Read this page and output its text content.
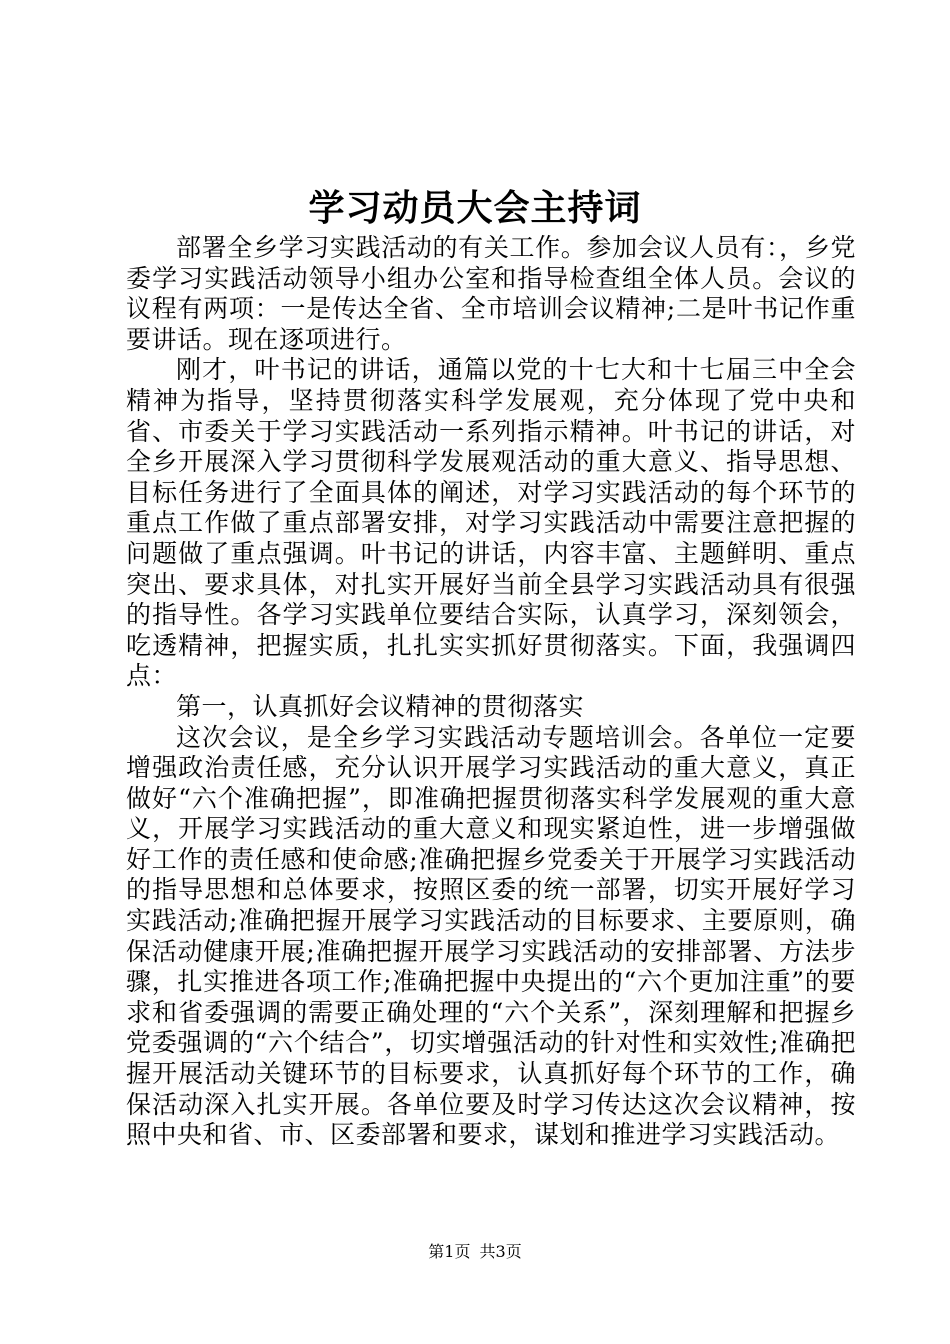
学习动员大会主持词

部署全乡学习实践活动的有关工作。参加会议人员有：，乡党委学习实践活动领导小组办公室和指导检查组全体人员。会议的议程有两项：一是传达全省、全市培训会议精神;二是叶书记作重要讲话。现在逐项进行。

刚才，叶书记的讲话，通篇以党的十七大和十七届三中全会精神为指导，坚持贯彻落实科学发展观，充分体现了党中央和省、市委关于学习实践活动一系列指示精神。叶书记的讲话，对全乡开展深入学习贯彻科学发展观活动的重大意义、指导思想、目标任务进行了全面具体的阐述，对学习实践活动的每个环节的重点工作做了重点部署安排，对学习实践活动中需要注意把握的问题做了重点强调。叶书记的讲话，内容丰富、主题鲜明、重点突出、要求具体，对扎实开展好当前全县学习实践活动具有很强的指导性。各学习实践单位要结合实际，认真学习，深刻领会，吃透精神，把握实质，扎扎实实抓好贯彻落实。下面，我强调四点：

第一，认真抓好会议精神的贯彻落实

这次会议，是全乡学习实践活动专题培训会。各单位一定要增强政治责任感，充分认识开展学习实践活动的重大意义，真正做好“六个准确把握”，即准确把握贯彻落实科学发展观的重大意义，开展学习实践活动的重大意义和现实紧迫性，进一步增强做好工作的责任感和使命感;准确把握乡党委关于开展学习实践活动的指导思想和总体要求，按照区委的统一部署，切实开展好学习实践活动;准确把握开展学习实践活动的目标要求、主要原则，确保活动健康开展;准确把握开展学习实践活动的安排部署、方法步骤，扎实推进各项工作;准确把握中央提出的“六个更加注重”的要求和省委强调的需要正确处理的“六个关系”，深刻理解和把握乡党委强调的“六个结合”，切实增强活动的针对性和实效性;准确把握开展活动关键环节的目标要求，认真抓好每个环节的工作，确保活动深入扎实开展。各单位要及时学习传达这次会议精神，按照中央和省、市、区委部署和要求，谋划和推进学习实践活动。

第1页 共3页
